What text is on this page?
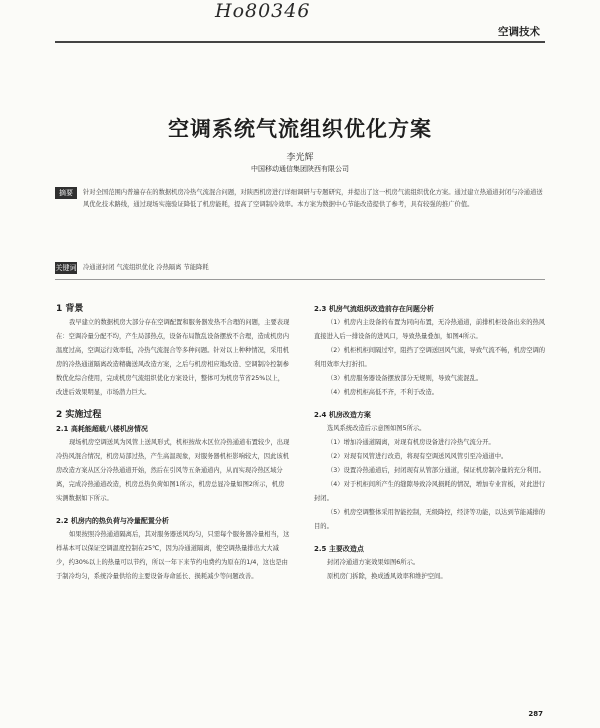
Ho80346
空调技术
空调系统气流组织优化方案
李光辉
中国移动通信集团陕西有限公司
摘要	针对全国范围内普遍存在的数据机房冷热气流混合问题，对陕西机房进行详细调研与专题研究，并提出了这一机房气流组织优化方案。通过建立热通道封闭与冷通道送风优化技术路线，通过现场实施验证降低了机房能耗，提高了空调制冷效率。本方案为数据中心节能改造提供了参考，具有较强的推广价值。
关键词 冷通道封闭 气流组织优化 冷热隔离 节能降耗
1 背景

我早建立的数据机房大部分存在空调配置和服务器发热不合理的问题，主要表现在：空调冷量分配不均，产生局部热点，设备布局散乱设备摆放不合理，造成机房内温度过高，空调运行效率低，冷热气流混合等多种问题。针对以上种种情况，采用机房的冷热通道隔离改造精确送风改造方案，之后与机房相应地改造、空调制冷控制参数优化综合使用，完成机房气流组织优化方案设计，整体可为机房节省25%以上，改进后效果明显，市场潜力巨大。

2 实施过程
2.1 高耗能超载八楼机房情况

现场机房空调送风为风管上送风形式，机柜按故木区位冷热通道布置较少，出现冷热风混合情况，机房局部过热，产生高温现象，对服务器机柜影响较大，因此该机房改造方案从区分冷热通道开始，然后在引风等五条通道内，从而实现冷热区域分离，完成冷热通道改造，机房总热负荷如图1所示，机房总显冷量如图2所示，机房实测数据如下所示。

2.2 机房内的热负荷与冷量配置分析

如果按照冷热通道隔离后，其对服务器送风均匀，只需每个服务器冷量相当，这样基本可以保证空调温度控制在25℃，因为冷通道隔离，使空调热量排出大大减少，约30%以上的热量可以节约，所以一年下来节约电费约为原在的1/4，这也是由于制冷均匀，系统冷量供给的主要设备寿命延长、损耗减少等问题改善。

2.3 机房气流组织改造前存在问题分析

（1）机房内主设备的布置为同向布置，无冷热通道，前排机柜设备出来的热风直接进入后一排设备的进风口，导致热量叠加，如图4所示。

（2）机柜机柜间隔过窄，阻挡了空调送回风气流，导致气流不畅，机房空调的利用效率大打折扣。

（3）机房服务器设备摆放部分无规则，导致气流混乱。

（4）机房机柜高低不齐，不利于改造。

2.4 机房改造方案

选风系统改造后示意图如图5所示。

（1）增加冷通道隔离，对现有机房设备进行冷热气流分开。

（2）对现有风管进行改造，将现有空调送风风管引至冷通道中。

（3）设置冷热通道后，封闭现有从管部分通道，保证机房制冷量的充分利用。

（4）对于机柜间所产生的缝隙导致冷风损耗的情况，增加专业盲板，对此进行封闭。

（5）机房空调整体采用智能控制，无级降控，经济等功能，以达到节能减排的目的。

2.5 主要改造点

封闭冷通道方案效果如图6所示。

原机房门拆除，换成透风效率和维护空间。

287
